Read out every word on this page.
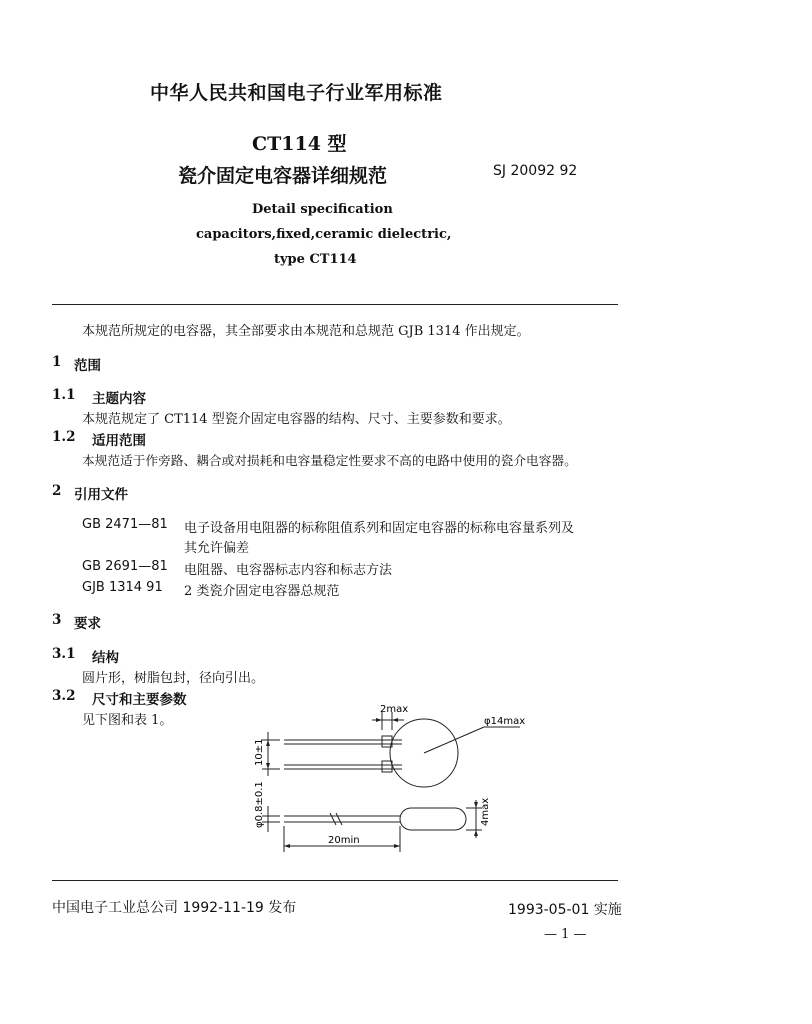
中华人民共和国电子行业军用标准
CT114 型
瓷介固定电容器详细规范	SJ 20092 92
Detail specification
capacitors,fixed,ceramic dielectric,
type CT114
本规范所规定的电容器，其全部要求由本规范和总规范 GJB 1314 作出规定。
1 范围
1.1 主题内容
本规范规定了 CT114 型瓷介固定电容器的结构、尺寸、主要参数和要求。
1.2 适用范围
本规范适于作旁路、耦合或对损耗和电容量稳定性要求不高的电路中使用的瓷介电容器。
2 引用文件
GB 2471—81 电子设备用电阻器的标称阻值系列和固定电容器的标称电容量系列及
其允许偏差
GB 2691—81 电阻器、电容器标志内容和标志方法
GJB 1314 91 2 类瓷介固定电容器总规范
3 要求
3.1 结构
圆片形，树脂包封，径向引出。
3.2 尺寸和主要参数
见下图和表 1。
2max
φ14max
10±1
φ0.8±0.1	4max
20min
中国电子工业总公司 1992-11-19 发布	1993-05-01 实施
— 1 —
